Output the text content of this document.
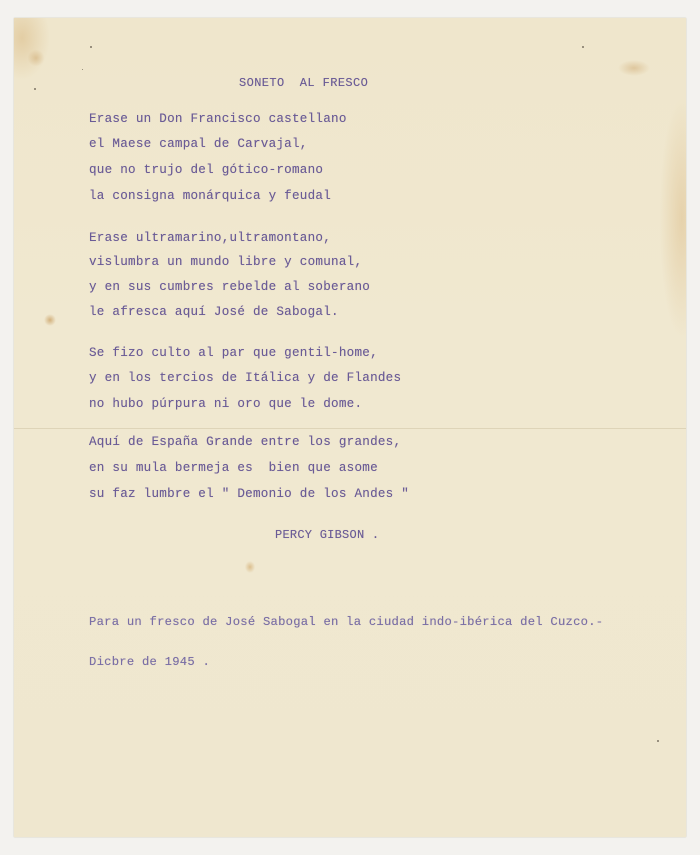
SONETO  AL FRESCO
Erase un Don Francisco castellano
el Maese campal de Carvajal,
que no trujo del gótico-romano
la consigna monárquica y feudal
Erase ultramarino,ultramontano,
vislumbra un mundo libre y comunal,
y en sus cumbres rebelde al soberano
le afresca aquí José de Sabogal.
Se fizo culto al par que gentil-home,
y en los tercios de Itálica y de Flandes
no hubo púrpura ni oro que le dome.
Aquí de España Grande entre los grandes,
en su mula bermeja es  bien que asome
su faz lumbre el " Demonio de los Andes "
PERCY GIBSON .

Para un fresco de José Sabogal en la ciudad indo-ibérica del Cuzco.-

Dicbre de 1945 .
